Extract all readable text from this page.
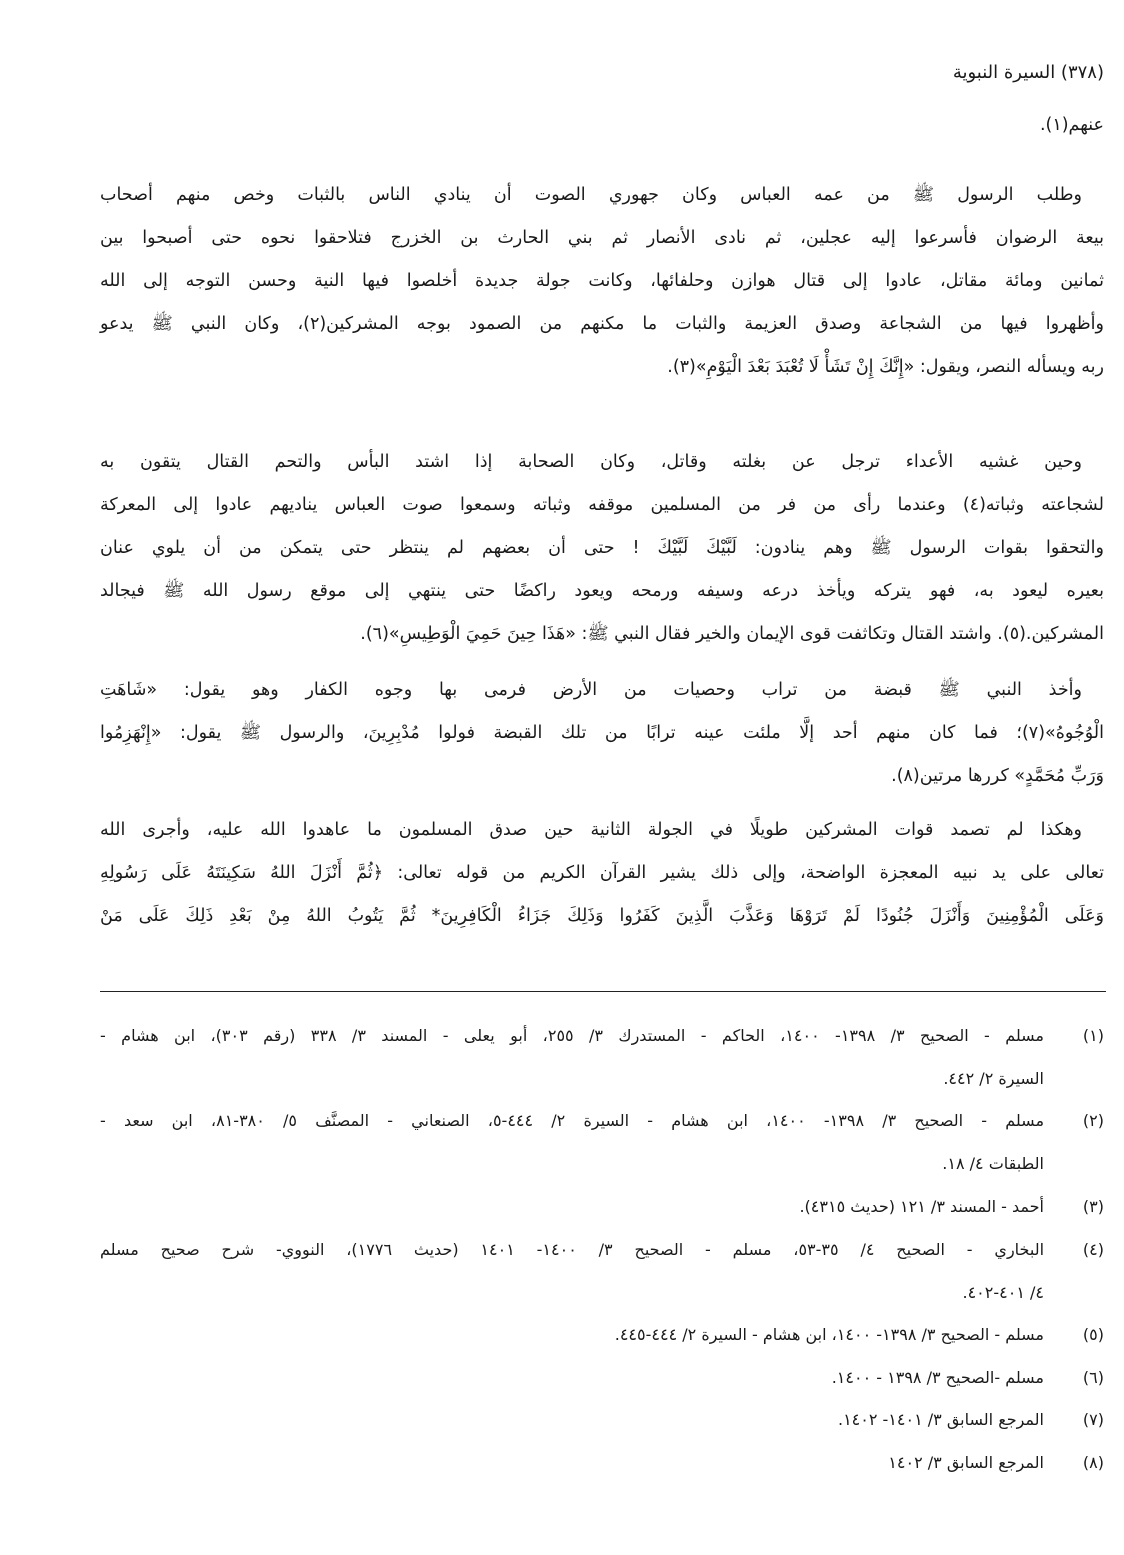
(٣٧٨) السيرة النبوية
عنهم(١).
وطلب الرسول ﷺ من عمه العباس وكان جهوري الصوت أن ينادي الناس بالثبات وخص منهم أصحاب
بيعة الرضوان فأسرعوا إليه عجلين، ثم نادى الأنصار ثم بني الحارث بن الخزرج فتلاحقوا نحوه حتى أصبحوا بين
ثمانين ومائة مقاتل، عادوا إلى قتال هوازن وحلفائها، وكانت جولة جديدة أخلصوا فيها النية وحسن التوجه إلى الله
وأظهروا فيها من الشجاعة وصدق العزيمة والثبات ما مكنهم من الصمود بوجه المشركين(٢)، وكان النبي ﷺ يدعو
ربه ويسأله النصر، ويقول: «إِنَّكَ إِنْ تَشَأْ لَا تُعْبَدَ بَعْدَ الْيَوْمِ»(٣).
وحين غشيه الأعداء ترجل عن بغلته وقاتل، وكان الصحابة إذا اشتد البأس والتحم القتال يتقون به
لشجاعته وثباته(٤) وعندما رأى من فر من المسلمين موقفه وثباته وسمعوا صوت العباس يناديهم عادوا إلى المعركة
والتحقوا بقوات الرسول ﷺ وهم ينادون: لَبَّيْكَ لَبَّيْكَ ! حتى أن بعضهم لم ينتظر حتى يتمكن من أن يلوي عنان
بعيره ليعود به، فهو يتركه ويأخذ درعه وسيفه ورمحه ويعود راكضًا حتى ينتهي إلى موقع رسول الله ﷺ فيجالد
المشركين.(٥). واشتد القتال وتكاثفت قوى الإيمان والخير فقال النبي ﷺ: «هَذَا حِينَ حَمِيَ الْوَطِيسِ»(٦).
وأخذ النبي ﷺ قبضة من تراب وحصيات من الأرض فرمى بها وجوه الكفار وهو يقول: «شَاهَتِ
الْوُجُوهُ»(٧)؛ فما كان منهم أحد إلَّا ملئت عينه ترابًا من تلك القبضة فولوا مُدْبِرِينَ، والرسول ﷺ يقول: «إِنْهَزِمُوا
وَرَبِّ مُحَمَّدٍ» كررها مرتين(٨).
وهكذا لم تصمد قوات المشركين طويلًا في الجولة الثانية حين صدق المسلمون ما عاهدوا الله عليه، وأجرى الله
تعالى على يد نبيه المعجزة الواضحة، وإلى ذلك يشير القرآن الكريم من قوله تعالى: ﴿ثُمَّ أَنْزَلَ اللهُ سَكِينَتَهُ عَلَى رَسُولِهِ
وَعَلَى الْمُؤْمِنِينَ وَأَنْزَلَ جُنُودًا لَمْ تَرَوْهَا وَعَذَّبَ الَّذِينَ كَفَرُوا وَذَلِكَ جَزَاءُ الْكَافِرِينَ* ثُمَّ يَتُوبُ اللهُ مِنْ بَعْدِ ذَلِكَ عَلَى مَنْ
(١)
مسلم - الصحيح ٣/ ١٣٩٨- ١٤٠٠، الحاكم - المستدرك ٣/ ٢٥٥، أبو يعلى - المسند ٣/ ٣٣٨ (رقم ٣٠٣)، ابن هشام -
السيرة ٢/ ٤٤٢.
(٢)
مسلم - الصحيح ٣/ ١٣٩٨- ١٤٠٠، ابن هشام - السيرة ٢/ ٤٤٤-٥، الصنعاني - المصنَّف ٥/ ٣٨٠-٨١، ابن سعد -
الطبقات ٤/ ١٨.
(٣)
أحمد - المسند ٣/ ١٢١ (حديث ٤٣١٥).
(٤)
البخاري - الصحيح ٤/ ٣٥-٥٣، مسلم - الصحيح ٣/ ١٤٠٠- ١٤٠١ (حديث ١٧٧٦)، النووي- شرح صحيح مسلم
٤/ ٤٠١-٤٠٢.
(٥)
مسلم - الصحيح ٣/ ١٣٩٨- ١٤٠٠، ابن هشام - السيرة ٢/ ٤٤٤-٤٤٥.
(٦)
مسلم -الصحيح ٣/ ١٣٩٨ - ١٤٠٠.
(٧)
المرجع السابق ٣/ ١٤٠١- ١٤٠٢.
(٨)
المرجع السابق ٣/ ١٤٠٢
